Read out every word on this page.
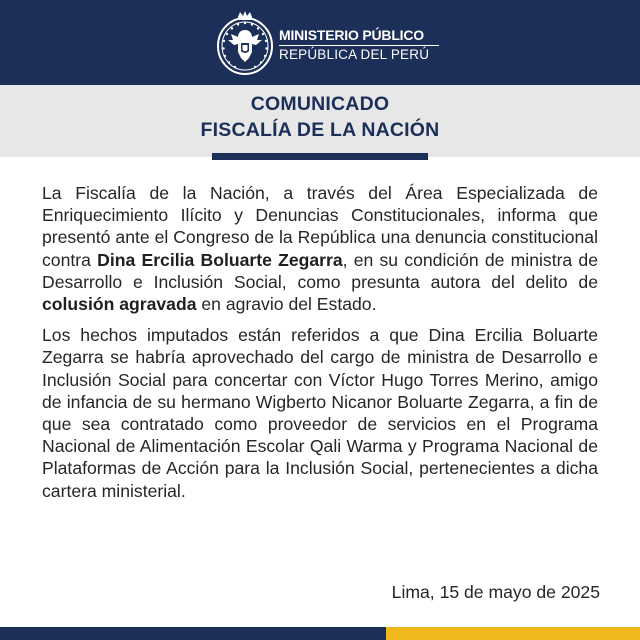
MINISTERIO PÚBLICO
REPÚBLICA DEL PERÚ
COMUNICADO
FISCALÍA DE LA NACIÓN

La Fiscalía de la Nación, a través del Área Especializada de Enriquecimiento Ilícito y Denuncias Constitucionales, informa que presentó ante el Congreso de la República una denuncia constitucional contra Dina Ercilia Boluarte Zegarra, en su condición de ministra de Desarrollo e Inclusión Social, como presunta autora del delito de colusión agravada en agravio del Estado.

Los hechos imputados están referidos a que Dina Ercilia Boluarte Zegarra se habría aprovechado del cargo de ministra de Desarrollo e Inclusión Social para concertar con Víctor Hugo Torres Merino, amigo de infancia de su hermano Wigberto Nicanor Boluarte Zegarra, a fin de que sea contratado como proveedor de servicios en el Programa Nacional de Alimentación Escolar Qali Warma y Programa Nacional de Plataformas de Acción para la Inclusión Social, pertenecientes a dicha cartera ministerial.

Lima, 15 de mayo de 2025
